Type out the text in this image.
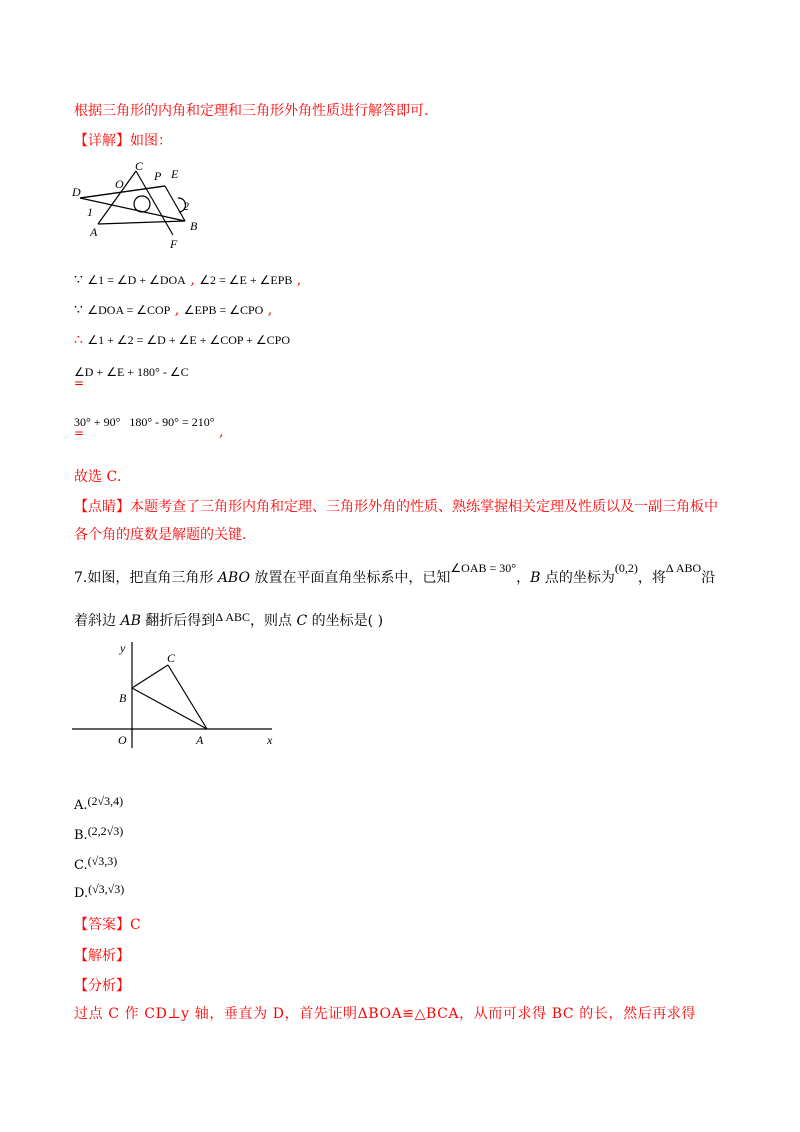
根据三角形的内角和定理和三角形外角性质进行解答即可.
【详解】如图：
C
O
P E
D
1	2
A	B
F
∵ ∠1 = ∠D + ∠DOA , ∠2 = ∠E + ∠EPB ,
∵ ∠DOA = ∠COP , ∠EPB = ∠CPO ,
∴ ∠1 + ∠2 = ∠D + ∠E + ∠COP + ∠CPO
∠D + ∠E + 180° - ∠C
=
30° + 90°   180° - 90° = 210° ,
=
故选 C．
【点睛】本题考查了三角形内角和定理、三角形外角的性质、熟练掌握相关定理及性质以及一副三角板中
各个角的度数是解题的关键.
7.如图，把直角三角形 ABO 放置在平面直角坐标系中，已知∠OAB = 30°，B 点的坐标为(0,2)，将Δ ABO沿
着斜边 AB 翻折后得到Δ ABC，则点 C 的坐标是( )
y
C
B
O	A	x
A.(2√3,4)
B.(2,2√3)
C.(√3,3)
D.(√3,√3)
【答案】C
【解析】
【分析】
过点 C 作 CD⊥y 轴，垂直为 D，首先证明ΔBOA≌△BCA，从而可求得 BC 的长，然后再求得
